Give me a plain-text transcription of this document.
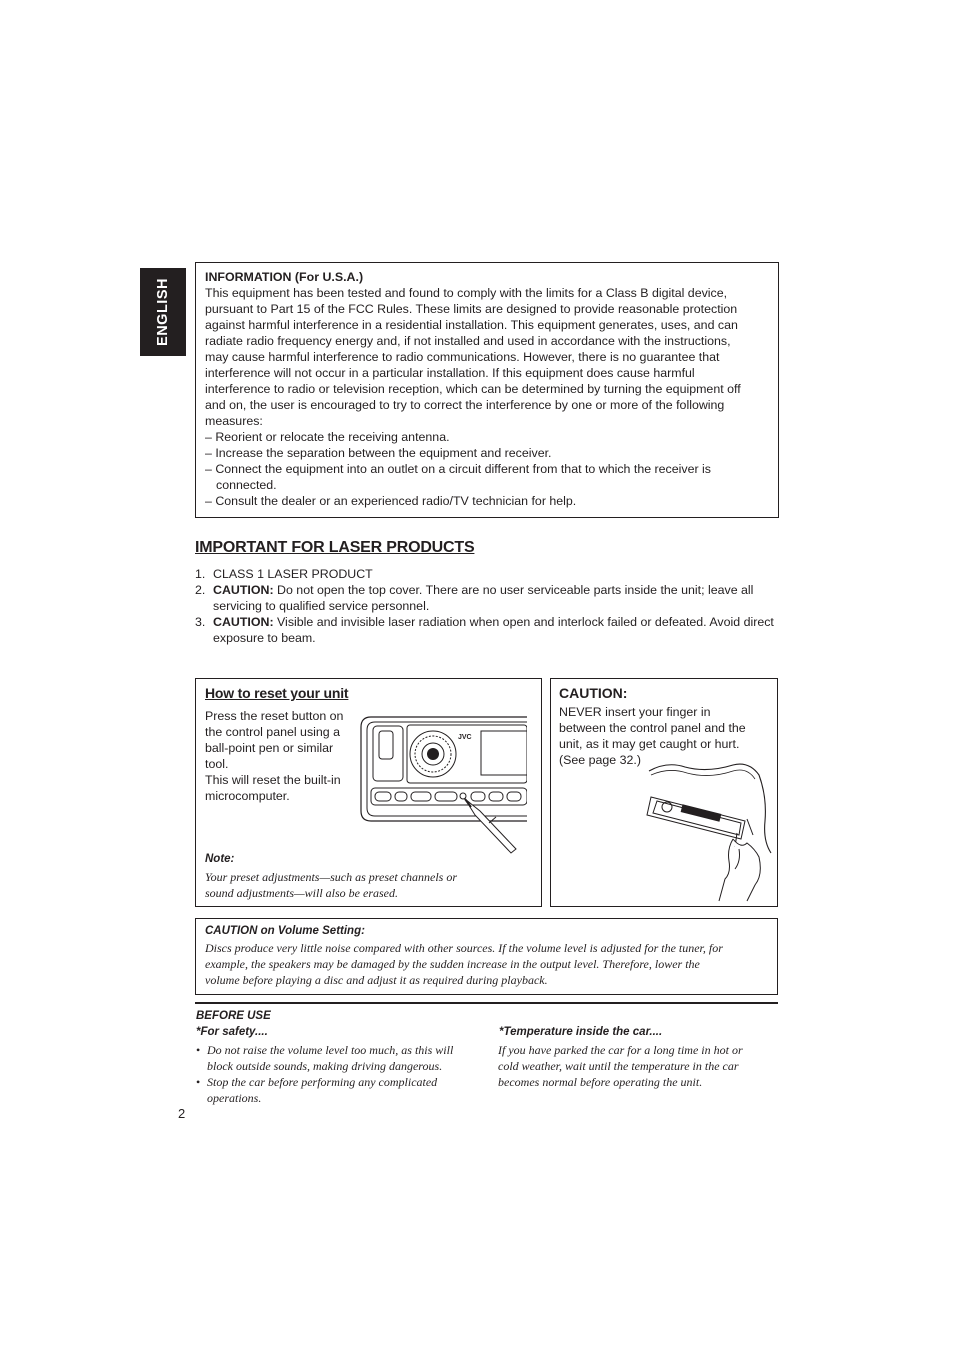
ENGLISH

INFORMATION (For U.S.A.)

This equipment has been tested and found to comply with the limits for a Class B digital device,

pursuant to Part 15 of the FCC Rules. These limits are designed to provide reasonable protection

against harmful interference in a residential installation. This equipment generates, uses, and can

radiate radio frequency energy and, if not installed and used in accordance with the instructions,

may cause harmful interference to radio communications. However, there is no guarantee that

interference will not occur in a particular installation. If this equipment does cause harmful

interference to radio or television reception, which can be determined by turning the equipment off

and on, the user is encouraged to try to correct the interference by one or more of the following

measures:

– Reorient or relocate the receiving antenna.

– Increase the separation between the equipment and receiver.

– Connect the equipment into an outlet on a circuit different from that to which the receiver is connected.

– Consult the dealer or an experienced radio/TV technician for help.

IMPORTANT FOR LASER PRODUCTS
1. CLASS 1 LASER PRODUCT
2. CAUTION: Do not open the top cover. There are no user serviceable parts inside the unit; leave all servicing to qualified service personnel.
3. CAUTION: Visible and invisible laser radiation when open and interlock failed or defeated. Avoid direct exposure to beam.
How to reset your unit
Press the reset button on
the control panel using a
ball-point pen or similar
tool.
This will reset the built-in
microcomputer.
JVC
Note:
Your preset adjustments—such as preset channels or
sound adjustments—will also be erased.
CAUTION:
NEVER insert your finger in
between the control panel and the
unit, as it may get caught or hurt.
(See page 32.)
CAUTION on Volume Setting:
Discs produce very little noise compared with other sources. If the volume level is adjusted for the tuner, for
example, the speakers may be damaged by the sudden increase in the output level. Therefore, lower the
volume before playing a disc and adjust it as required during playback.
BEFORE USE
*For safety....
• Do not raise the volume level too much, as this will
block outside sounds, making driving dangerous.
• Stop the car before performing any complicated
operations.
*Temperature inside the car....
If you have parked the car for a long time in hot or
cold weather, wait until the temperature in the car
becomes normal before operating the unit.
2
